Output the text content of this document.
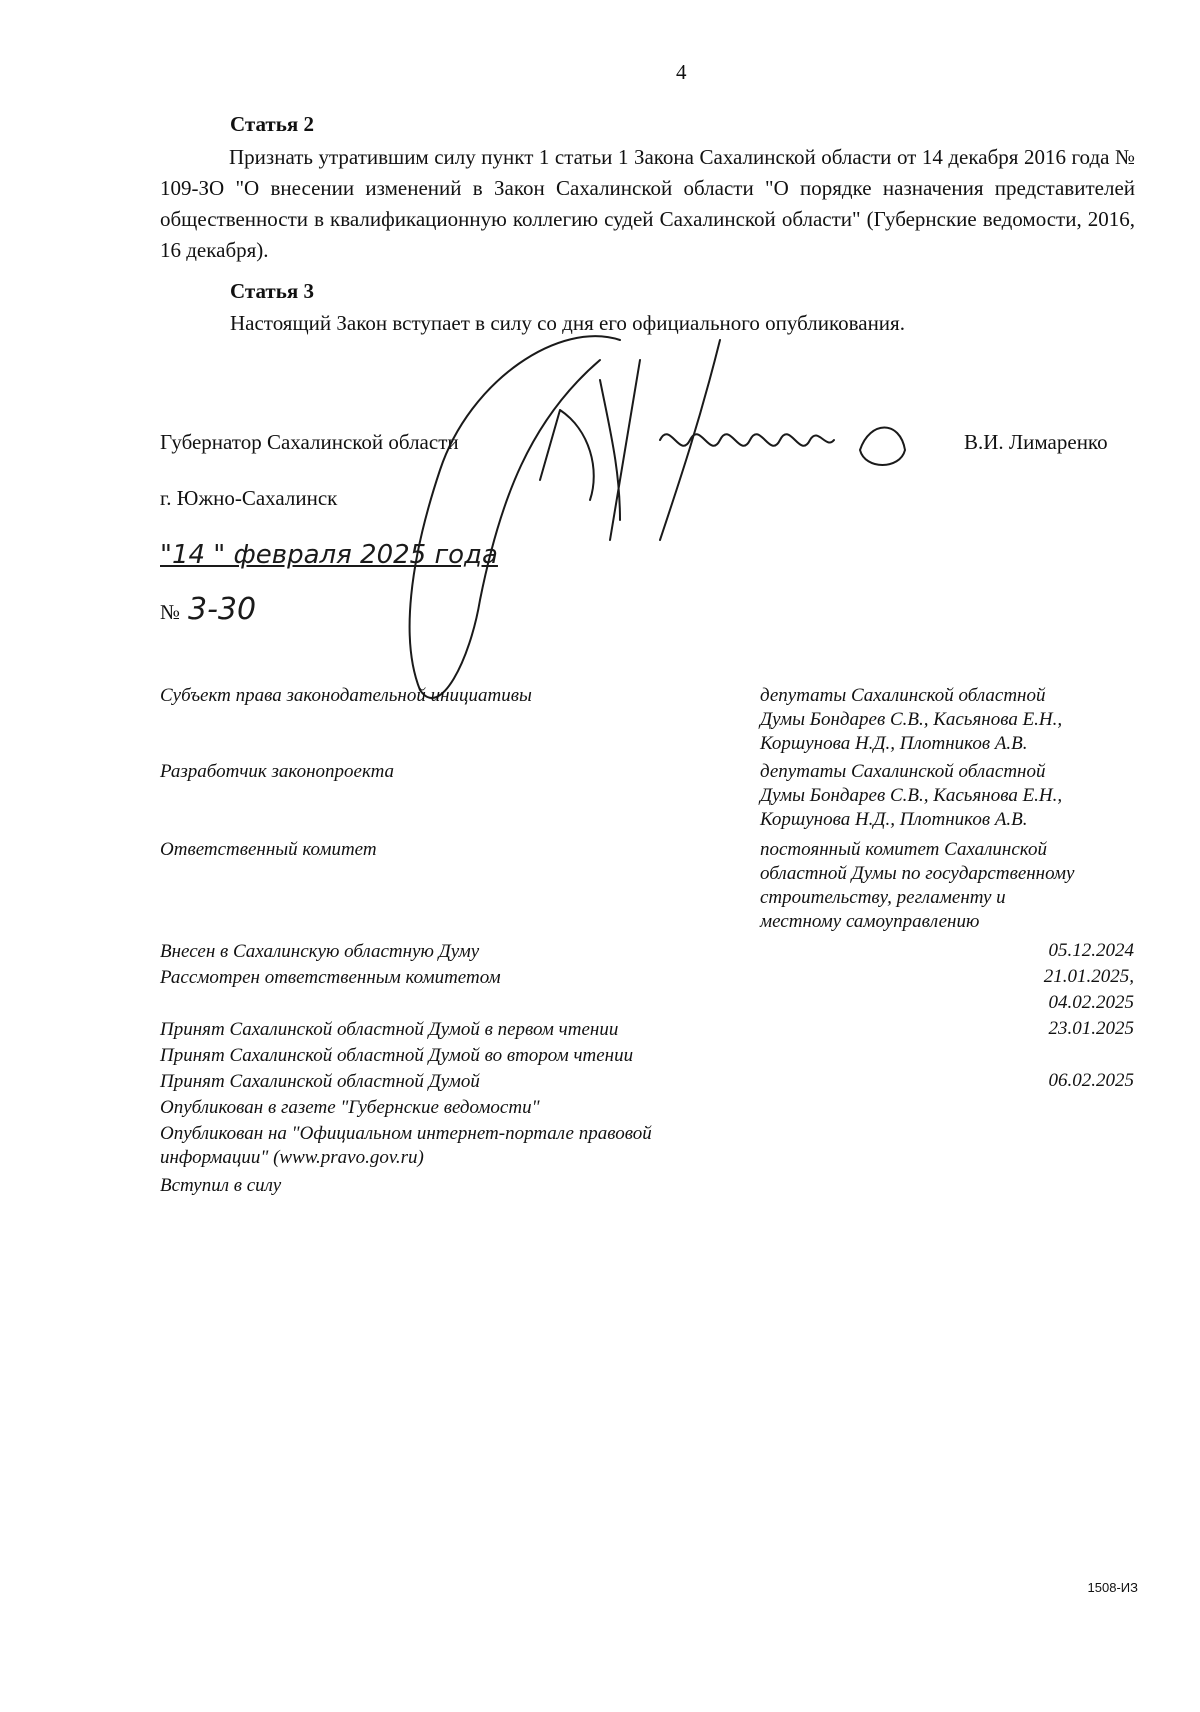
4
Статья 2

Признать утратившим силу пункт 1 статьи 1 Закона Сахалинской области от 14 декабря 2016 года № 109-ЗО "О внесении изменений в Закон Сахалинской области "О порядке назначения представителей общественности в квалификационную коллегию судей Сахалинской области" (Губернские ведомости, 2016, 16 декабря).

Статья 3
Настоящий Закон вступает в силу со дня его официального опубликования.
Губернатор Сахалинской области	В.И. Лимаренко
г. Южно-Сахалинск
"14 " февраля 2025 года
№ 3-30
Субъект права законодательной инициативы	депутаты Сахалинской областной
Думы Бондарев С.В., Касьянова Е.Н.,
Коршунова Н.Д., Плотников А.В.
Разработчик законопроекта	депутаты Сахалинской областной
Думы Бондарев С.В., Касьянова Е.Н.,
Коршунова Н.Д., Плотников А.В.
Ответственный комитет	постоянный комитет Сахалинской
областной Думы по государственному
строительству, регламенту и
местному самоуправлению
Внесен в Сахалинскую областную Думу	05.12.2024
Рассмотрен ответственным комитетом	21.01.2025,
04.02.2025
Принят Сахалинской областной Думой в первом чтении	23.01.2025
Принят Сахалинской областной Думой во втором чтении
Принят Сахалинской областной Думой	06.02.2025
Опубликован в газете "Губернские ведомости"
Опубликован на "Официальном интернет-портале правовой информации" (www.pravo.gov.ru)
Вступил в силу
1508-ИЗ
